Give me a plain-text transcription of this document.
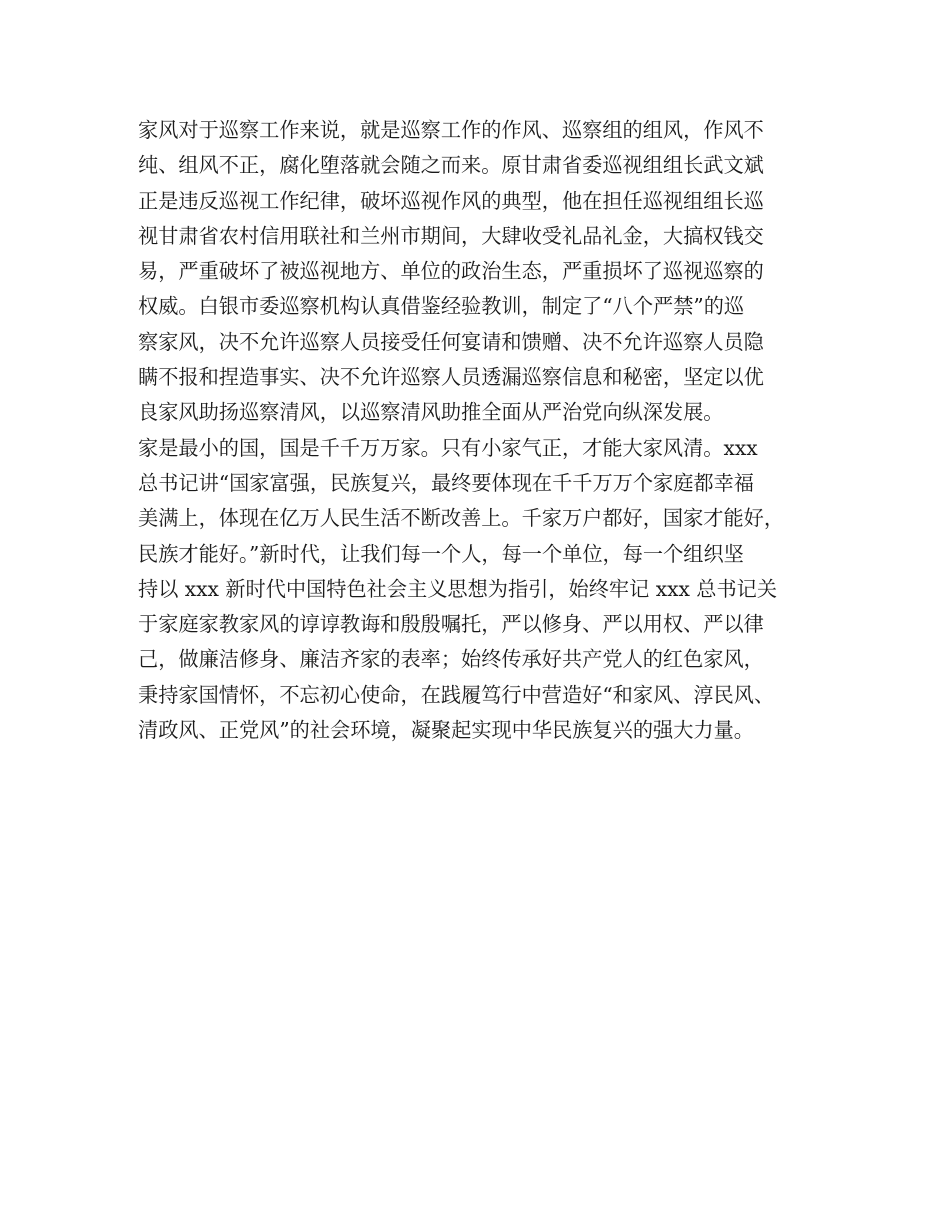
家风对于巡察工作来说，就是巡察工作的作风、巡察组的组风，作风不
纯、组风不正，腐化堕落就会随之而来。原甘肃省委巡视组组长武文斌
正是违反巡视工作纪律，破坏巡视作风的典型，他在担任巡视组组长巡
视甘肃省农村信用联社和兰州市期间，大肆收受礼品礼金，大搞权钱交
易，严重破坏了被巡视地方、单位的政治生态，严重损坏了巡视巡察的
权威。白银市委巡察机构认真借鉴经验教训，制定了“八个严禁”的巡
察家风，决不允许巡察人员接受任何宴请和馈赠、决不允许巡察人员隐
瞒不报和捏造事实、决不允许巡察人员透漏巡察信息和秘密，坚定以优
良家风助扬巡察清风，以巡察清风助推全面从严治党向纵深发展。
家是最小的国，国是千千万万家。只有小家气正，才能大家风清。xxx
总书记讲“国家富强，民族复兴，最终要体现在千千万万个家庭都幸福
美满上，体现在亿万人民生活不断改善上。千家万户都好，国家才能好，
民族才能好。”新时代，让我们每一个人，每一个单位，每一个组织坚
持以 xxx 新时代中国特色社会主义思想为指引，始终牢记 xxx 总书记关
于家庭家教家风的谆谆教诲和殷殷嘱托，严以修身、严以用权、严以律
己，做廉洁修身、廉洁齐家的表率；始终传承好共产党人的红色家风，
秉持家国情怀，不忘初心使命，在践履笃行中营造好“和家风、淳民风、
清政风、正党风”的社会环境，凝聚起实现中华民族复兴的强大力量。
